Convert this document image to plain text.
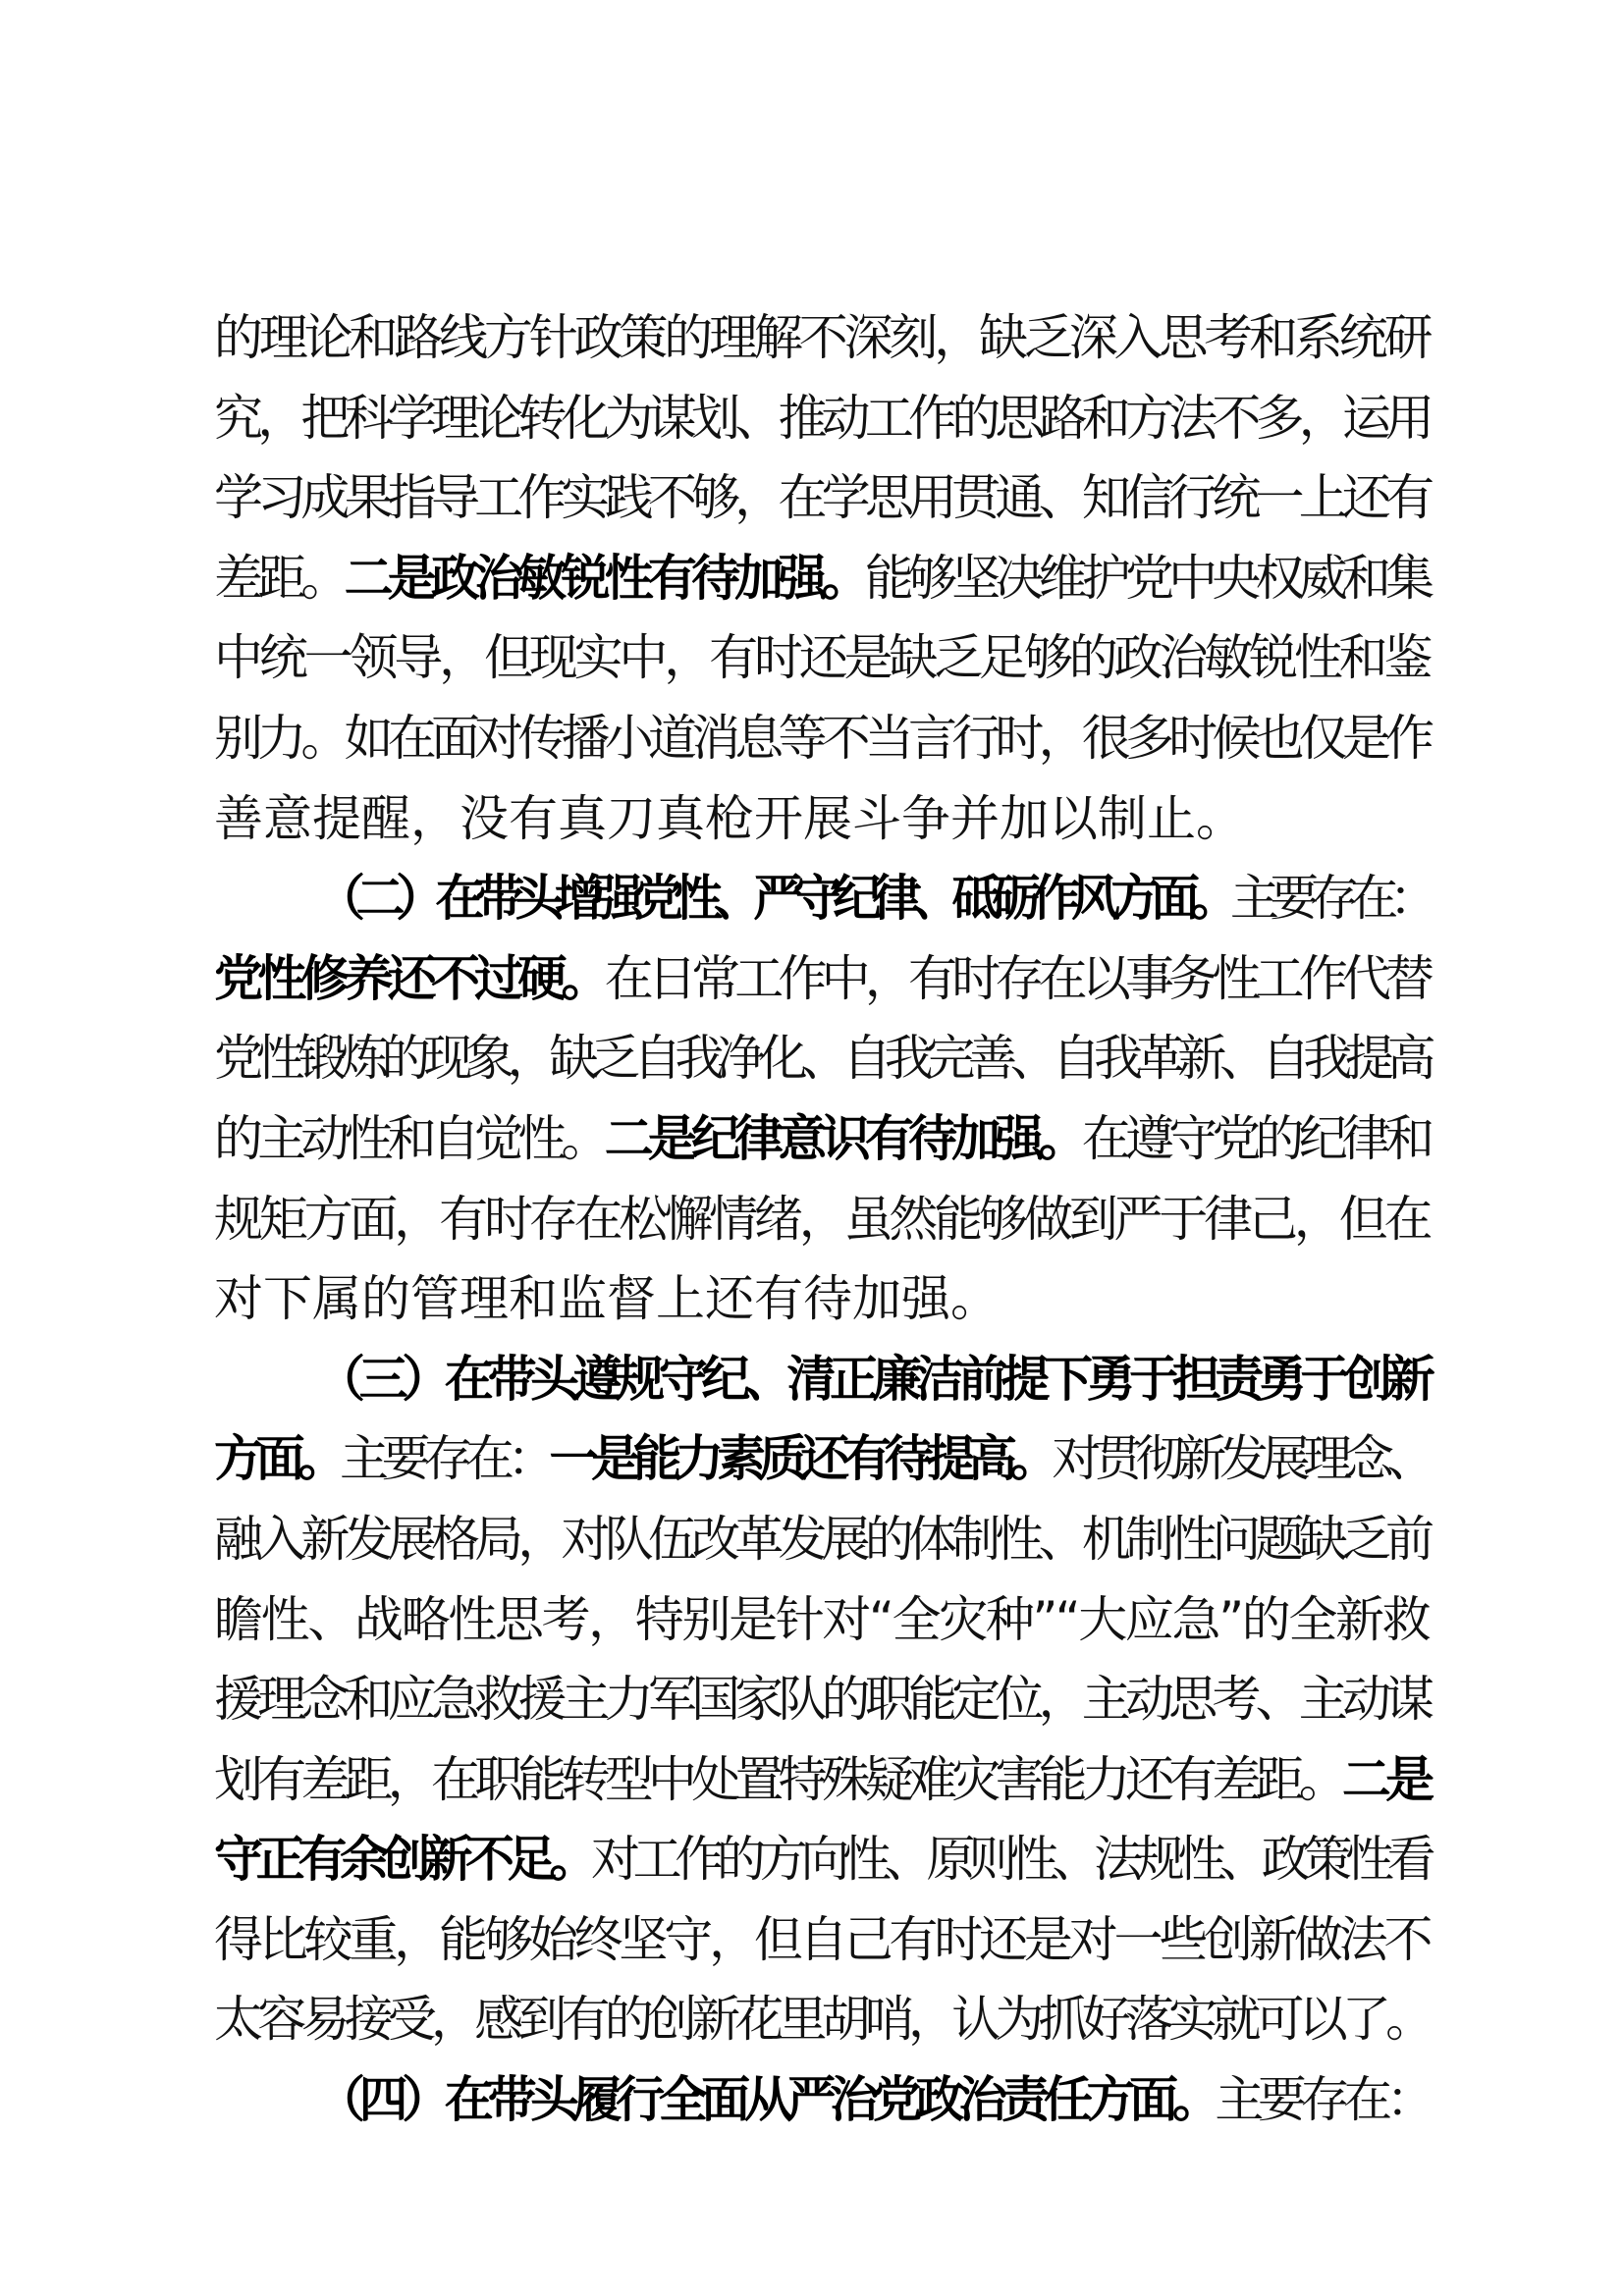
的理论和路线方针政策的理解不深刻，缺乏深入思考和系统研
究，把科学理论转化为谋划、推动工作的思路和方法不多，运用
学习成果指导工作实践不够，在学思用贯通、知信行统一上还有
差距。二是政治敏锐性有待加强。能够坚决维护党中央权威和集
中统一领导，但现实中，有时还是缺乏足够的政治敏锐性和鉴
别力。如在面对传播小道消息等不当言行时，很多时候也仅是作
善意提醒，没有真刀真枪开展斗争并加以制止。
（二）在带头增强党性、严守纪律、砥砺作风方面。主要存在：
党性修养还不过硬。在日常工作中，有时存在以事务性工作代替
党性锻炼的现象，缺乏自我净化、自我完善、自我革新、自我提高
的主动性和自觉性。二是纪律意识有待加强。在遵守党的纪律和
规矩方面，有时存在松懈情绪，虽然能够做到严于律己，但在
对下属的管理和监督上还有待加强。
（三）在带头遵规守纪、清正廉洁前提下勇于担责勇于创新
方面。主要存在：一是能力素质还有待提高。对贯彻新发展理念、
融入新发展格局，对队伍改革发展的体制性、机制性问题缺乏前
瞻性、战略性思考，特别是针对“全灾种”“大应急”的全新救
援理念和应急救援主力军国家队的职能定位，主动思考、主动谋
划有差距，在职能转型中处置特殊疑难灾害能力还有差距。二是
守正有余创新不足。对工作的方向性、原则性、法规性、政策性看
得比较重，能够始终坚守，但自己有时还是对一些创新做法不
太容易接受，感到有的创新花里胡哨，认为抓好落实就可以了。
（四）在带头履行全面从严治党政治责任方面。主要存在：
